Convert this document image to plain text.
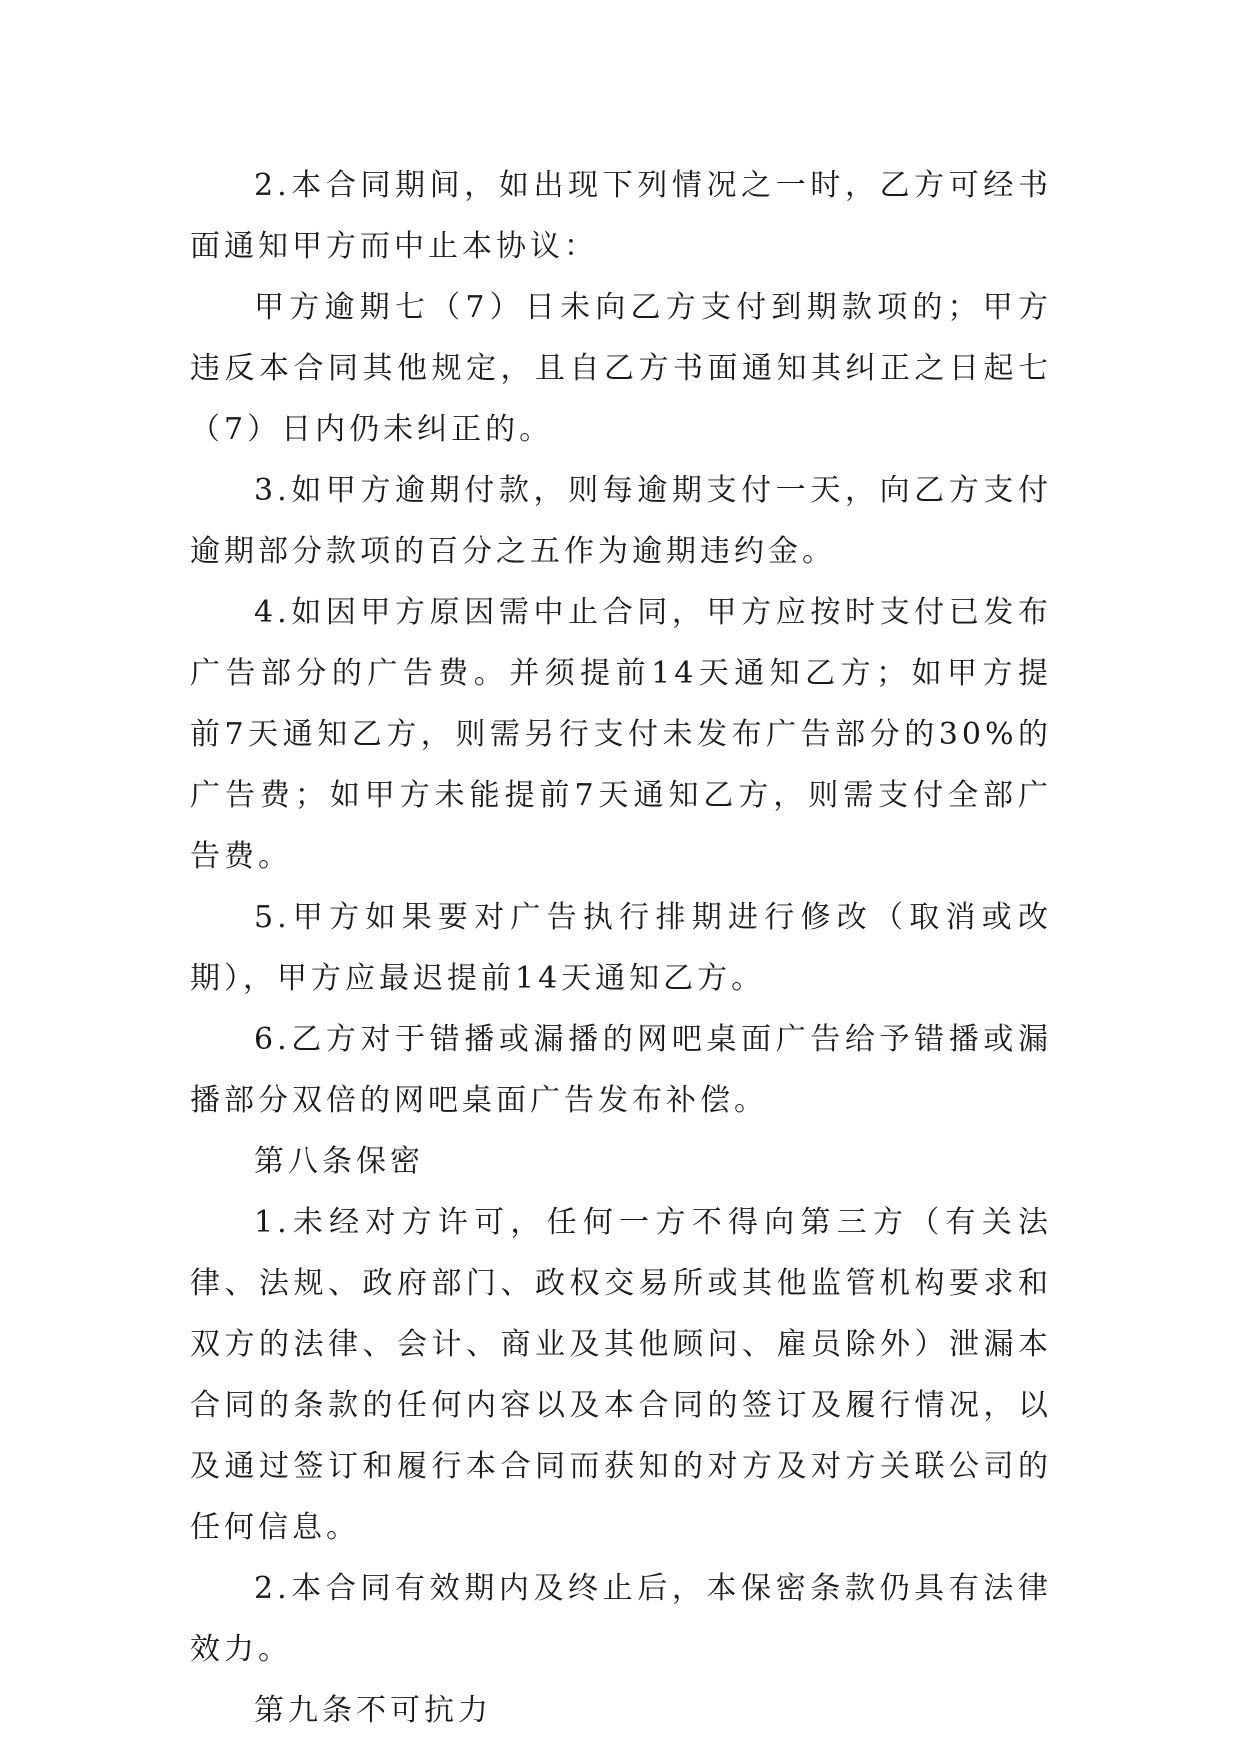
2.本合同期间，如出现下列情况之一时，乙方可经书面通知甲方而中止本协议：

甲方逾期七（7）日未向乙方支付到期款项的；甲方违反本合同其他规定，且自乙方书面通知其纠正之日起七（7）日内仍未纠正的。

3.如甲方逾期付款，则每逾期支付一天，向乙方支付逾期部分款项的百分之五作为逾期违约金。

4.如因甲方原因需中止合同，甲方应按时支付已发布广告部分的广告费。并须提前14天通知乙方；如甲方提前7天通知乙方，则需另行支付未发布广告部分的30%的广告费；如甲方未能提前7天通知乙方，则需支付全部广告费。

5.甲方如果要对广告执行排期进行修改（取消或改期），甲方应最迟提前14天通知乙方。

6.乙方对于错播或漏播的网吧桌面广告给予错播或漏播部分双倍的网吧桌面广告发布补偿。

第八条保密

1.未经对方许可，任何一方不得向第三方（有关法律、法规、政府部门、政权交易所或其他监管机构要求和双方的法律、会计、商业及其他顾问、雇员除外）泄漏本合同的条款的任何内容以及本合同的签订及履行情况，以及通过签订和履行本合同而获知的对方及对方关联公司的任何信息。

2.本合同有效期内及终止后，本保密条款仍具有法律效力。

第九条不可抗力
